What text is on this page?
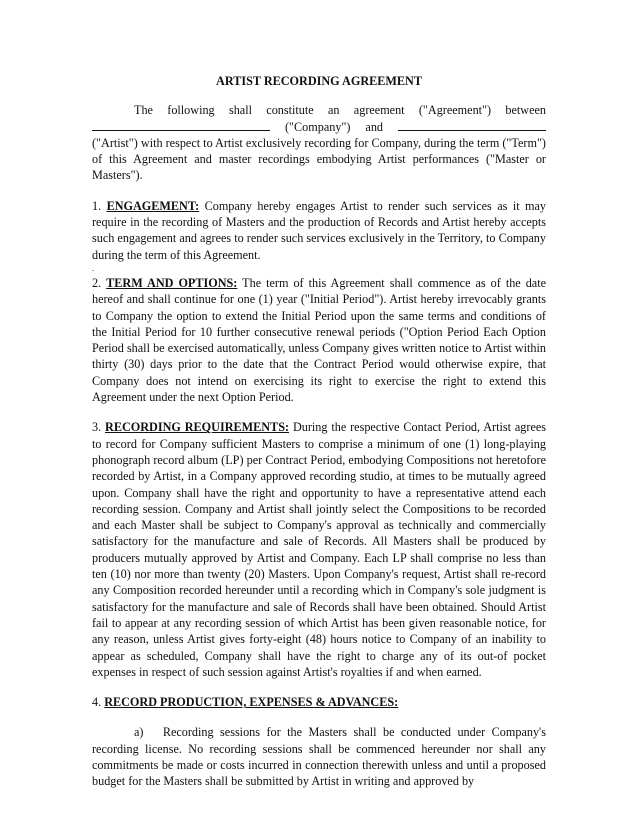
ARTIST RECORDING AGREEMENT

The following shall constitute an agreement ("Agreement") between

("Company") and

("Artist") with respect to Artist exclusively recording for Company, during the term ("Term") of this Agreement and master recordings embodying Artist performances ("Master or Masters").

1. ENGAGEMENT: Company hereby engages Artist to render such services as it may require in the recording of Masters and the production of Records and Artist hereby accepts such engagement and agrees to render such services exclusively in the Territory, to Company during the term of this Agreement.

-

2. TERM AND OPTIONS: The term of this Agreement shall commence as of the date hereof and shall continue for one (1) year ("Initial Period"). Artist hereby irrevocably grants to Company the option to extend the Initial Period upon the same terms and conditions of the Initial Period for 10 further consecutive renewal periods ("Option Period Each Option Period shall be exercised automatically, unless Company gives written notice to Artist within thirty (30) days prior to the date that the Contract Period would otherwise expire, that Company does not intend on exercising its right to exercise the right to extend this Agreement under the next Option Period.

3. RECORDING REQUIREMENTS: During the respective Contact Period, Artist agrees to record for Company sufficient Masters to comprise a minimum of one (1) long-playing phonograph record album (LP) per Contract Period, embodying Compositions not heretofore recorded by Artist, in a Company approved recording studio, at times to be mutually agreed upon. Company shall have the right and opportunity to have a representative attend each recording session. Company and Artist shall jointly select the Compositions to be recorded and each Master shall be subject to Company's approval as technically and commercially satisfactory for the manufacture and sale of Records. All Masters shall be produced by producers mutually approved by Artist and Company. Each LP shall comprise no less than ten (10) nor more than twenty (20) Masters. Upon Company's request, Artist shall re-record any Composition recorded hereunder until a recording which in Company's sole judgment is satisfactory for the manufacture and sale of Records shall have been obtained. Should Artist fail to appear at any recording session of which Artist has been given reasonable notice, for any reason, unless Artist gives forty-eight (48) hours notice to Company of an inability to appear as scheduled, Company shall have the right to charge any of its out-of pocket expenses in respect of such session against Artist's royalties if and when earned.

4. RECORD PRODUCTION, EXPENSES & ADVANCES:

a) Recording sessions for the Masters shall be conducted under Company's recording license. No recording sessions shall be commenced hereunder nor shall any commitments be made or costs incurred in connection therewith unless and until a proposed budget for the Masters shall be submitted by Artist in writing and approved by
